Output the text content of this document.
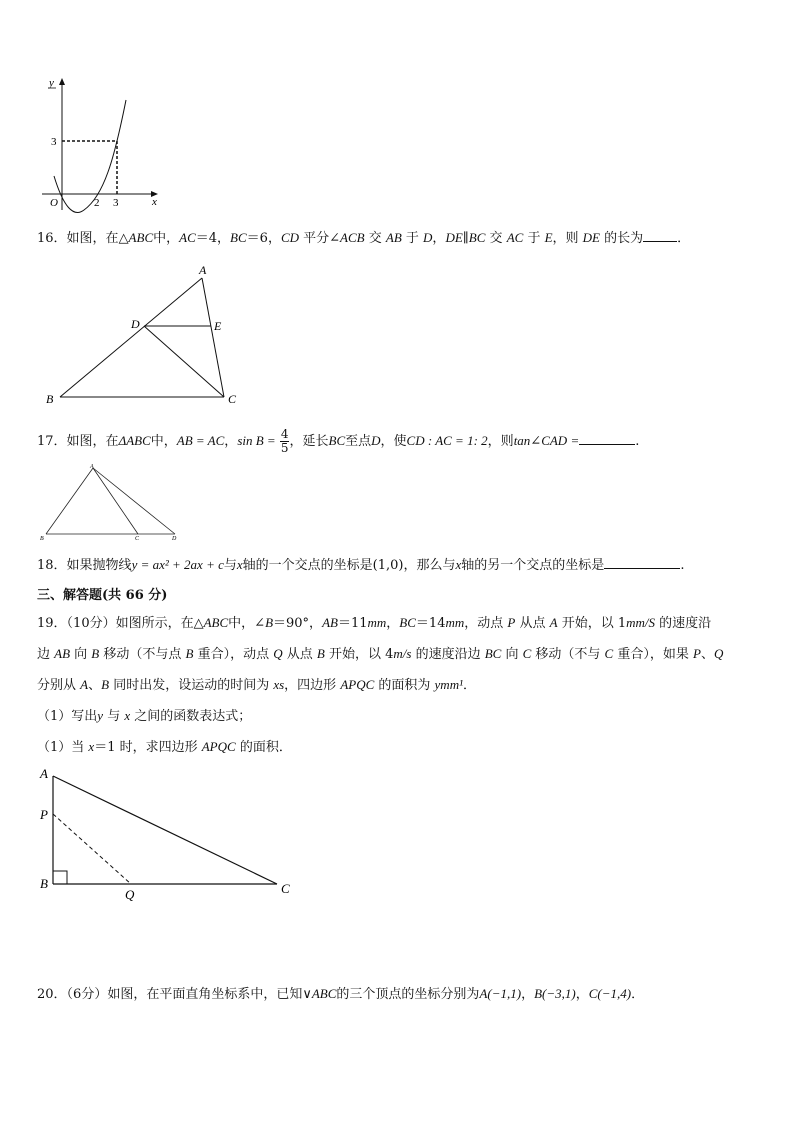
y
3
O	2 3	x
16．如图，在△ABC中，AC＝4，BC＝6，CD 平分∠ACB 交 AB 于 D，DE∥BC 交 AC 于 E，则 DE 的长为	．
A
D	E
B	C
17．如图，在ΔABC中，AB = AC，$\sin B = \frac{4}{5}$ ，延长BC至点D，使CD : AC = 1: 2，则tan∠CAD =	.
A
B	C	D
18．如果抛物线y = ax² + 2ax + c与x轴的一个交点的坐标是(1,0)，那么与x轴的另一个交点的坐标是	.
三、解答题(共 66 分)
19．（10分）如图所示，在△ABC中，∠B＝90°，AB＝11mm，BC＝14mm，动点 P 从点 A 开始，以 1mm/S 的速度沿
边 AB 向 B 移动（不与点 B 重合），动点 Q 从点 B 开始，以 4m/s 的速度沿边 BC 向 C 移动（不与 C 重合），如果 P、Q
分别从 A、B 同时出发，设运动的时间为 xs，四边形 APQC 的面积为 ymm¹．
（1）写出y 与 x 之间的函数表达式；
（1）当 x＝1 时，求四边形 APQC 的面积．
A
P
B
Q	C
20．（6分）如图，在平面直角坐标系中，已知∨ABC的三个顶点的坐标分别为A(−1,1)，B(−3,1)，C(−1,4)．
